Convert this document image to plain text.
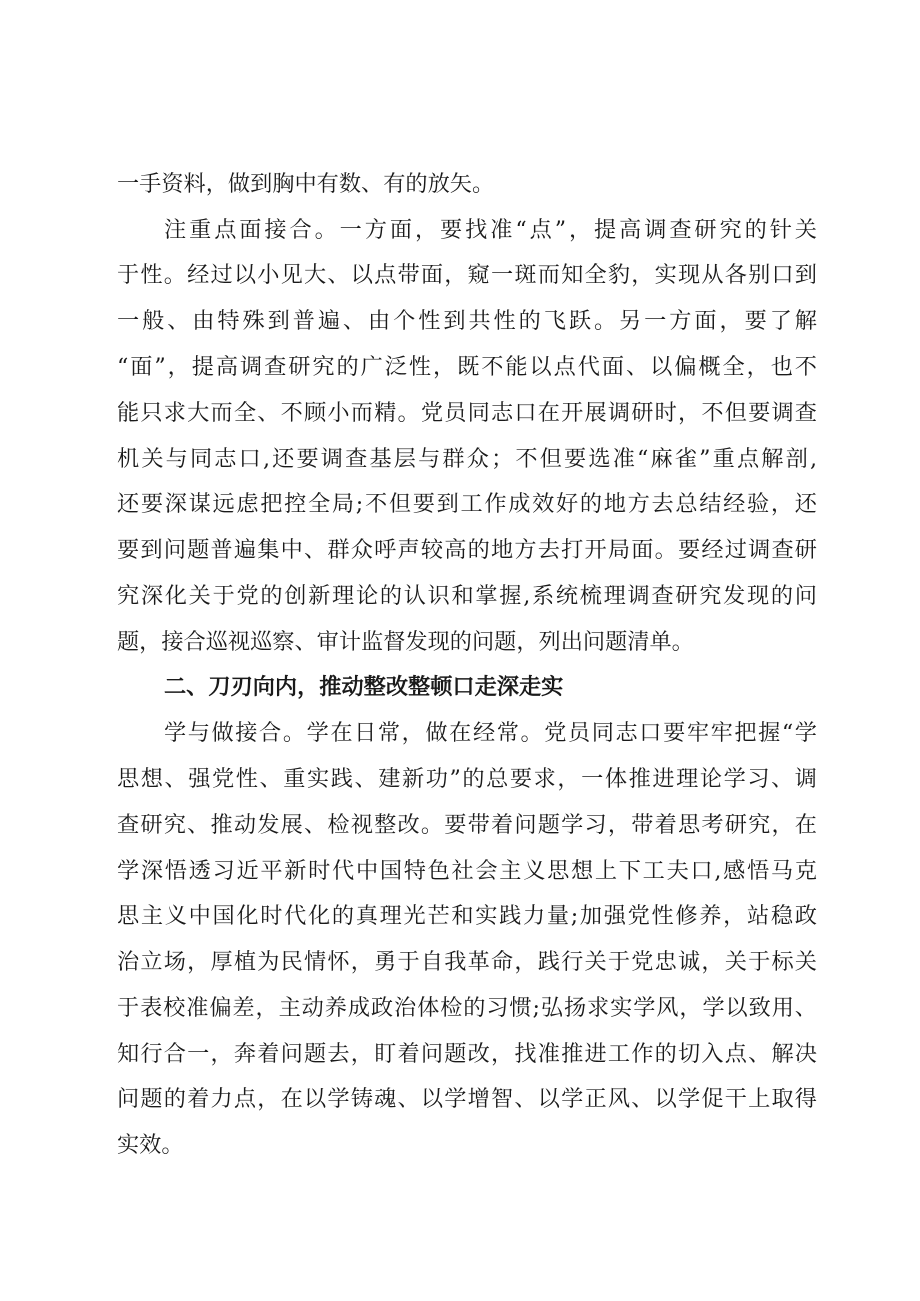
一手资料，做到胸中有数、有的放矢。
注重点面接合。一方面，要找准“点”，提高调查研究的针关
于性。经过以小见大、以点带面，窥一斑而知全豹，实现从各别口到
一般、由特殊到普遍、由个性到共性的飞跃。另一方面，要了解
“面”，提高调查研究的广泛性，既不能以点代面、以偏概全，也不
能只求大而全、不顾小而精。党员同志口在开展调研时，不但要调查
机关与同志口,还要调查基层与群众；不但要选准“麻雀”重点解剖,
还要深谋远虑把控全局;不但要到工作成效好的地方去总结经验，还
要到问题普遍集中、群众呼声较高的地方去打开局面。要经过调查研
究深化关于党的创新理论的认识和掌握,系统梳理调查研究发现的问
题，接合巡视巡察、审计监督发现的问题，列出问题清单。
二、刀刃向内，推动整改整顿口走深走实
学与做接合。学在日常，做在经常。党员同志口要牢牢把握“学
思想、强党性、重实践、建新功”的总要求，一体推进理论学习、调
查研究、推动发展、检视整改。要带着问题学习，带着思考研究，在
学深悟透习近平新时代中国特色社会主义思想上下工夫口,感悟马克
思主义中国化时代化的真理光芒和实践力量;加强党性修养，站稳政
治立场，厚植为民情怀，勇于自我革命，践行关于党忠诚，关于标关
于表校准偏差，主动养成政治体检的习惯;弘扬求实学风，学以致用、
知行合一，奔着问题去，盯着问题改，找准推进工作的切入点、解决
问题的着力点，在以学铸魂、以学增智、以学正风、以学促干上取得
实效。
